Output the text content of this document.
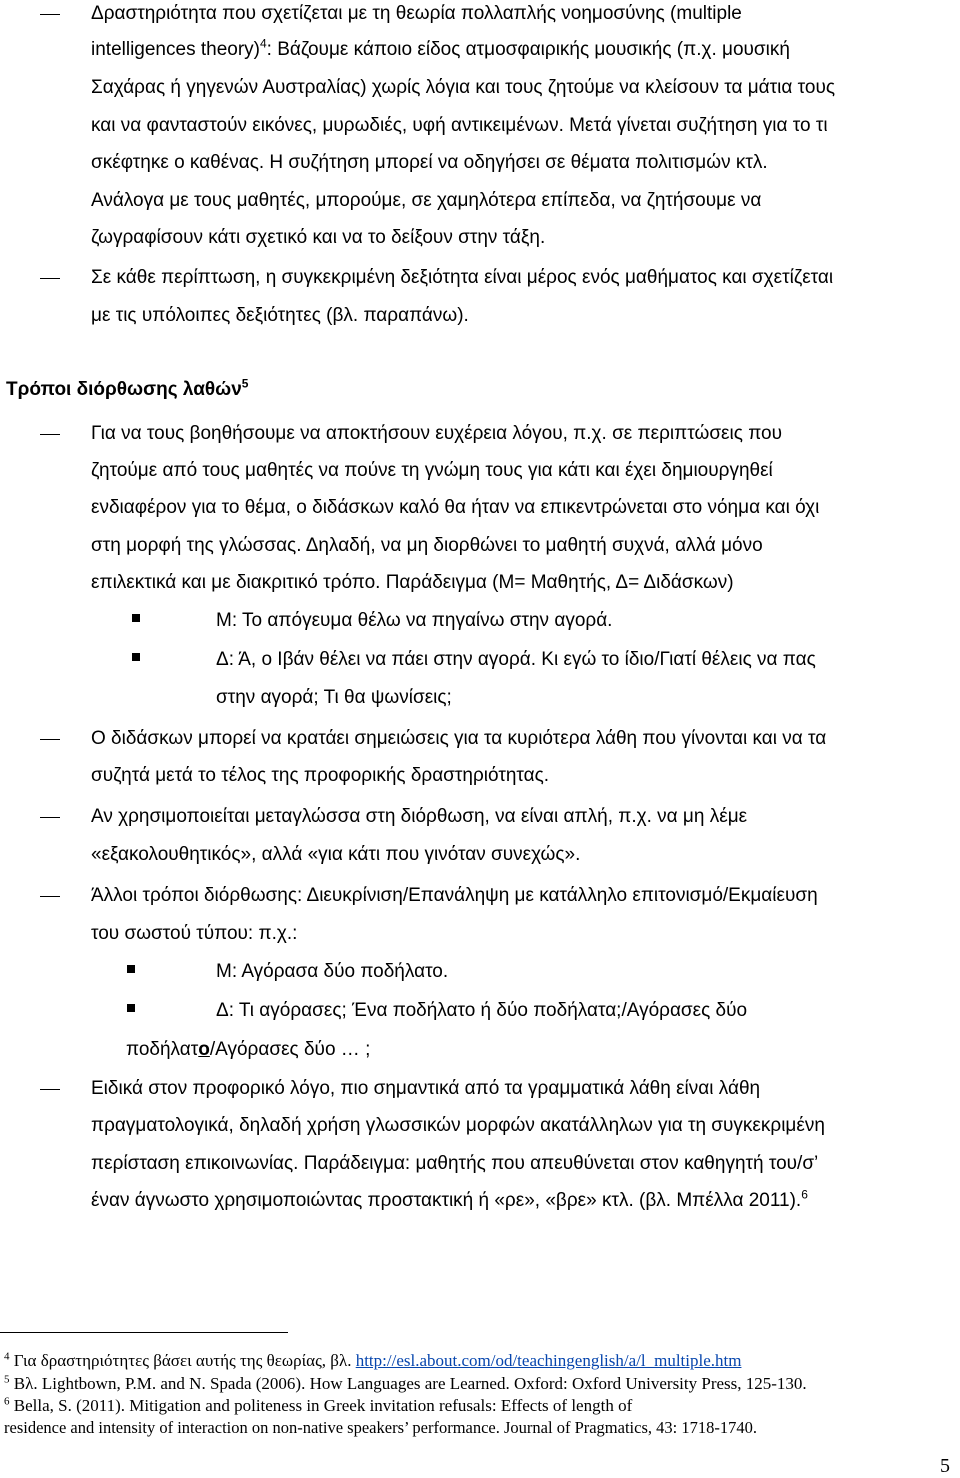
Δραστηριότητα που σχετίζεται με τη θεωρία πολλαπλής νοημοσύνης (multiple
intelligences theory)$^4$: Βάζουμε κάποιο είδος ατμοσφαιρικής μουσικής (π.χ. μουσική
Σαχάρας ή γηγενών Αυστραλίας) χωρίς λόγια και τους ζητούμε να κλείσουν τα μάτια τους
και να φανταστούν εικόνες, μυρωδιές, υφή αντικειμένων. Μετά γίνεται συζήτηση για το τι
σκέφτηκε ο καθένας. Η συζήτηση μπορεί να οδηγήσει σε θέματα πολιτισμών κτλ.
Ανάλογα με τους μαθητές, μπορούμε, σε χαμηλότερα επίπεδα, να ζητήσουμε να
ζωγραφίσουν κάτι σχετικό και να το δείξουν στην τάξη.
Σε κάθε περίπτωση, η συγκεκριμένη δεξιότητα είναι μέρος ενός μαθήματος και σχετίζεται
με τις υπόλοιπες δεξιότητες (βλ. παραπάνω).
Τρόποι διόρθωσης λαθών$^5$
Για να τους βοηθήσουμε να αποκτήσουν ευχέρεια λόγου, π.χ. σε περιπτώσεις που
ζητούμε από τους μαθητές να πούνε τη γνώμη τους για κάτι και έχει δημιουργηθεί
ενδιαφέρον για το θέμα, ο διδάσκων καλό θα ήταν να επικεντρώνεται στο νόημα και όχι
στη μορφή της γλώσσας. Δηλαδή, να μη διορθώνει το μαθητή συχνά, αλλά μόνο
επιλεκτικά και με διακριτικό τρόπο. Παράδειγμα (Μ= Μαθητής, Δ= Διδάσκων)
Μ: Το απόγευμα θέλω να πηγαίνω στην αγορά.
Δ: Ά, ο Ιβάν θέλει να πάει στην αγορά. Κι εγώ το ίδιο/Γιατί θέλεις να πας
στην αγορά; Τι θα ψωνίσεις;
Ο διδάσκων μπορεί να κρατάει σημειώσεις για τα κυριότερα λάθη που γίνονται και να τα
συζητά μετά το τέλος της προφορικής δραστηριότητας.
Αν χρησιμοποιείται μεταγλώσσα στη διόρθωση, να είναι απλή, π.χ. να μη λέμε
«εξακολουθητικός», αλλά «για κάτι που γινόταν συνεχώς».
Άλλοι τρόποι διόρθωσης: Διευκρίνιση/Επανάληψη με κατάλληλο επιτονισμό/Εκμαίευση
του σωστού τύπου: π.χ.:
Μ: Αγόρασα δύο ποδήλατο.
Δ: Τι αγόρασες; Ένα ποδήλατο ή δύο ποδήλατα;/Αγόρασες δύο
ποδήλατο/Αγόρασες δύο … ;
Ειδικά στον προφορικό λόγο, πιο σημαντικά από τα γραμματικά λάθη είναι λάθη
πραγματολογικά, δηλαδή χρήση γλωσσικών μορφών ακατάλληλων για τη συγκεκριμένη
περίσταση επικοινωνίας. Παράδειγμα: μαθητής που απευθύνεται στον καθηγητή του/σ’
έναν άγνωστο χρησιμοποιώντας προστακτική ή «ρε», «βρε» κτλ. (βλ. Μπέλλα 2011).$^6$
$^4$ Για δραστηριότητες βάσει αυτής της θεωρίας, βλ. http://esl.about.com/od/teachingenglish/a/l_multiple.htm
$^5$ Bλ. Lightbown, P.M. and N. Spada (2006). How Languages are Learned. Oxford: Oxford University Press, 125-130.
$^6$ Bella, S. (2011). Mitigation and politeness in Greek invitation refusals: Effects of length of
residence and intensity of interaction on non-native speakers’ performance. Journal of Pragmatics, 43: 1718-1740.
5
